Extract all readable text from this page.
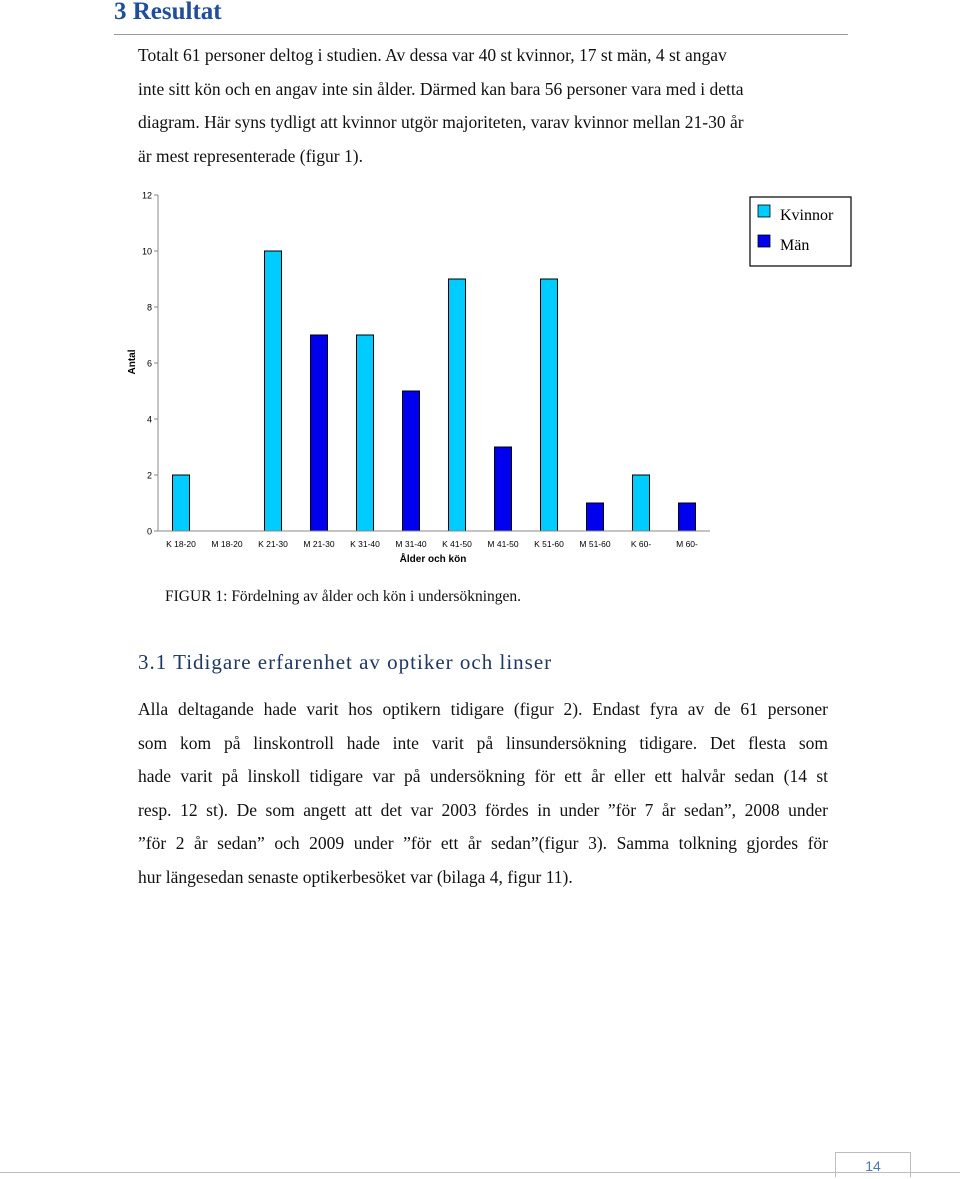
3 Resultat
Totalt 61 personer deltog i studien. Av dessa var 40 st kvinnor, 17 st män, 4 st angav
inte sitt kön och en angav inte sin ålder. Därmed kan bara 56 personer vara med i detta
diagram. Här syns tydligt att kvinnor utgör majoriteten, varav kvinnor mellan 21-30 år
är mest representerade (figur 1).
0
2
4
6
8
10
12
K 18-20 M 18-20 K 21-30 M 21-30 K 31-40 M 31-40 K 41-50 M 41-50 K 51-60 M 51-60 K 60-	M 60-
Antal
Ålder och kön
Kvinnor
Män
FIGUR 1: Fördelning av ålder och kön i undersökningen.
3.1 Tidigare erfarenhet av optiker och linser
Alla deltagande hade varit hos optikern tidigare (figur 2). Endast fyra av de 61 personer
som kom på linskontroll hade inte varit på linsundersökning tidigare. Det flesta som
hade varit på linskoll tidigare var på undersökning för ett år eller ett halvår sedan (14 st
resp. 12 st). De som angett att det var 2003 fördes in under ”för 7 år sedan”, 2008 under
”för 2 år sedan” och 2009 under ”för ett år sedan”(figur 3). Samma tolkning gjordes för
hur längesedan senaste optikerbesöket var (bilaga 4, figur 11).
14
